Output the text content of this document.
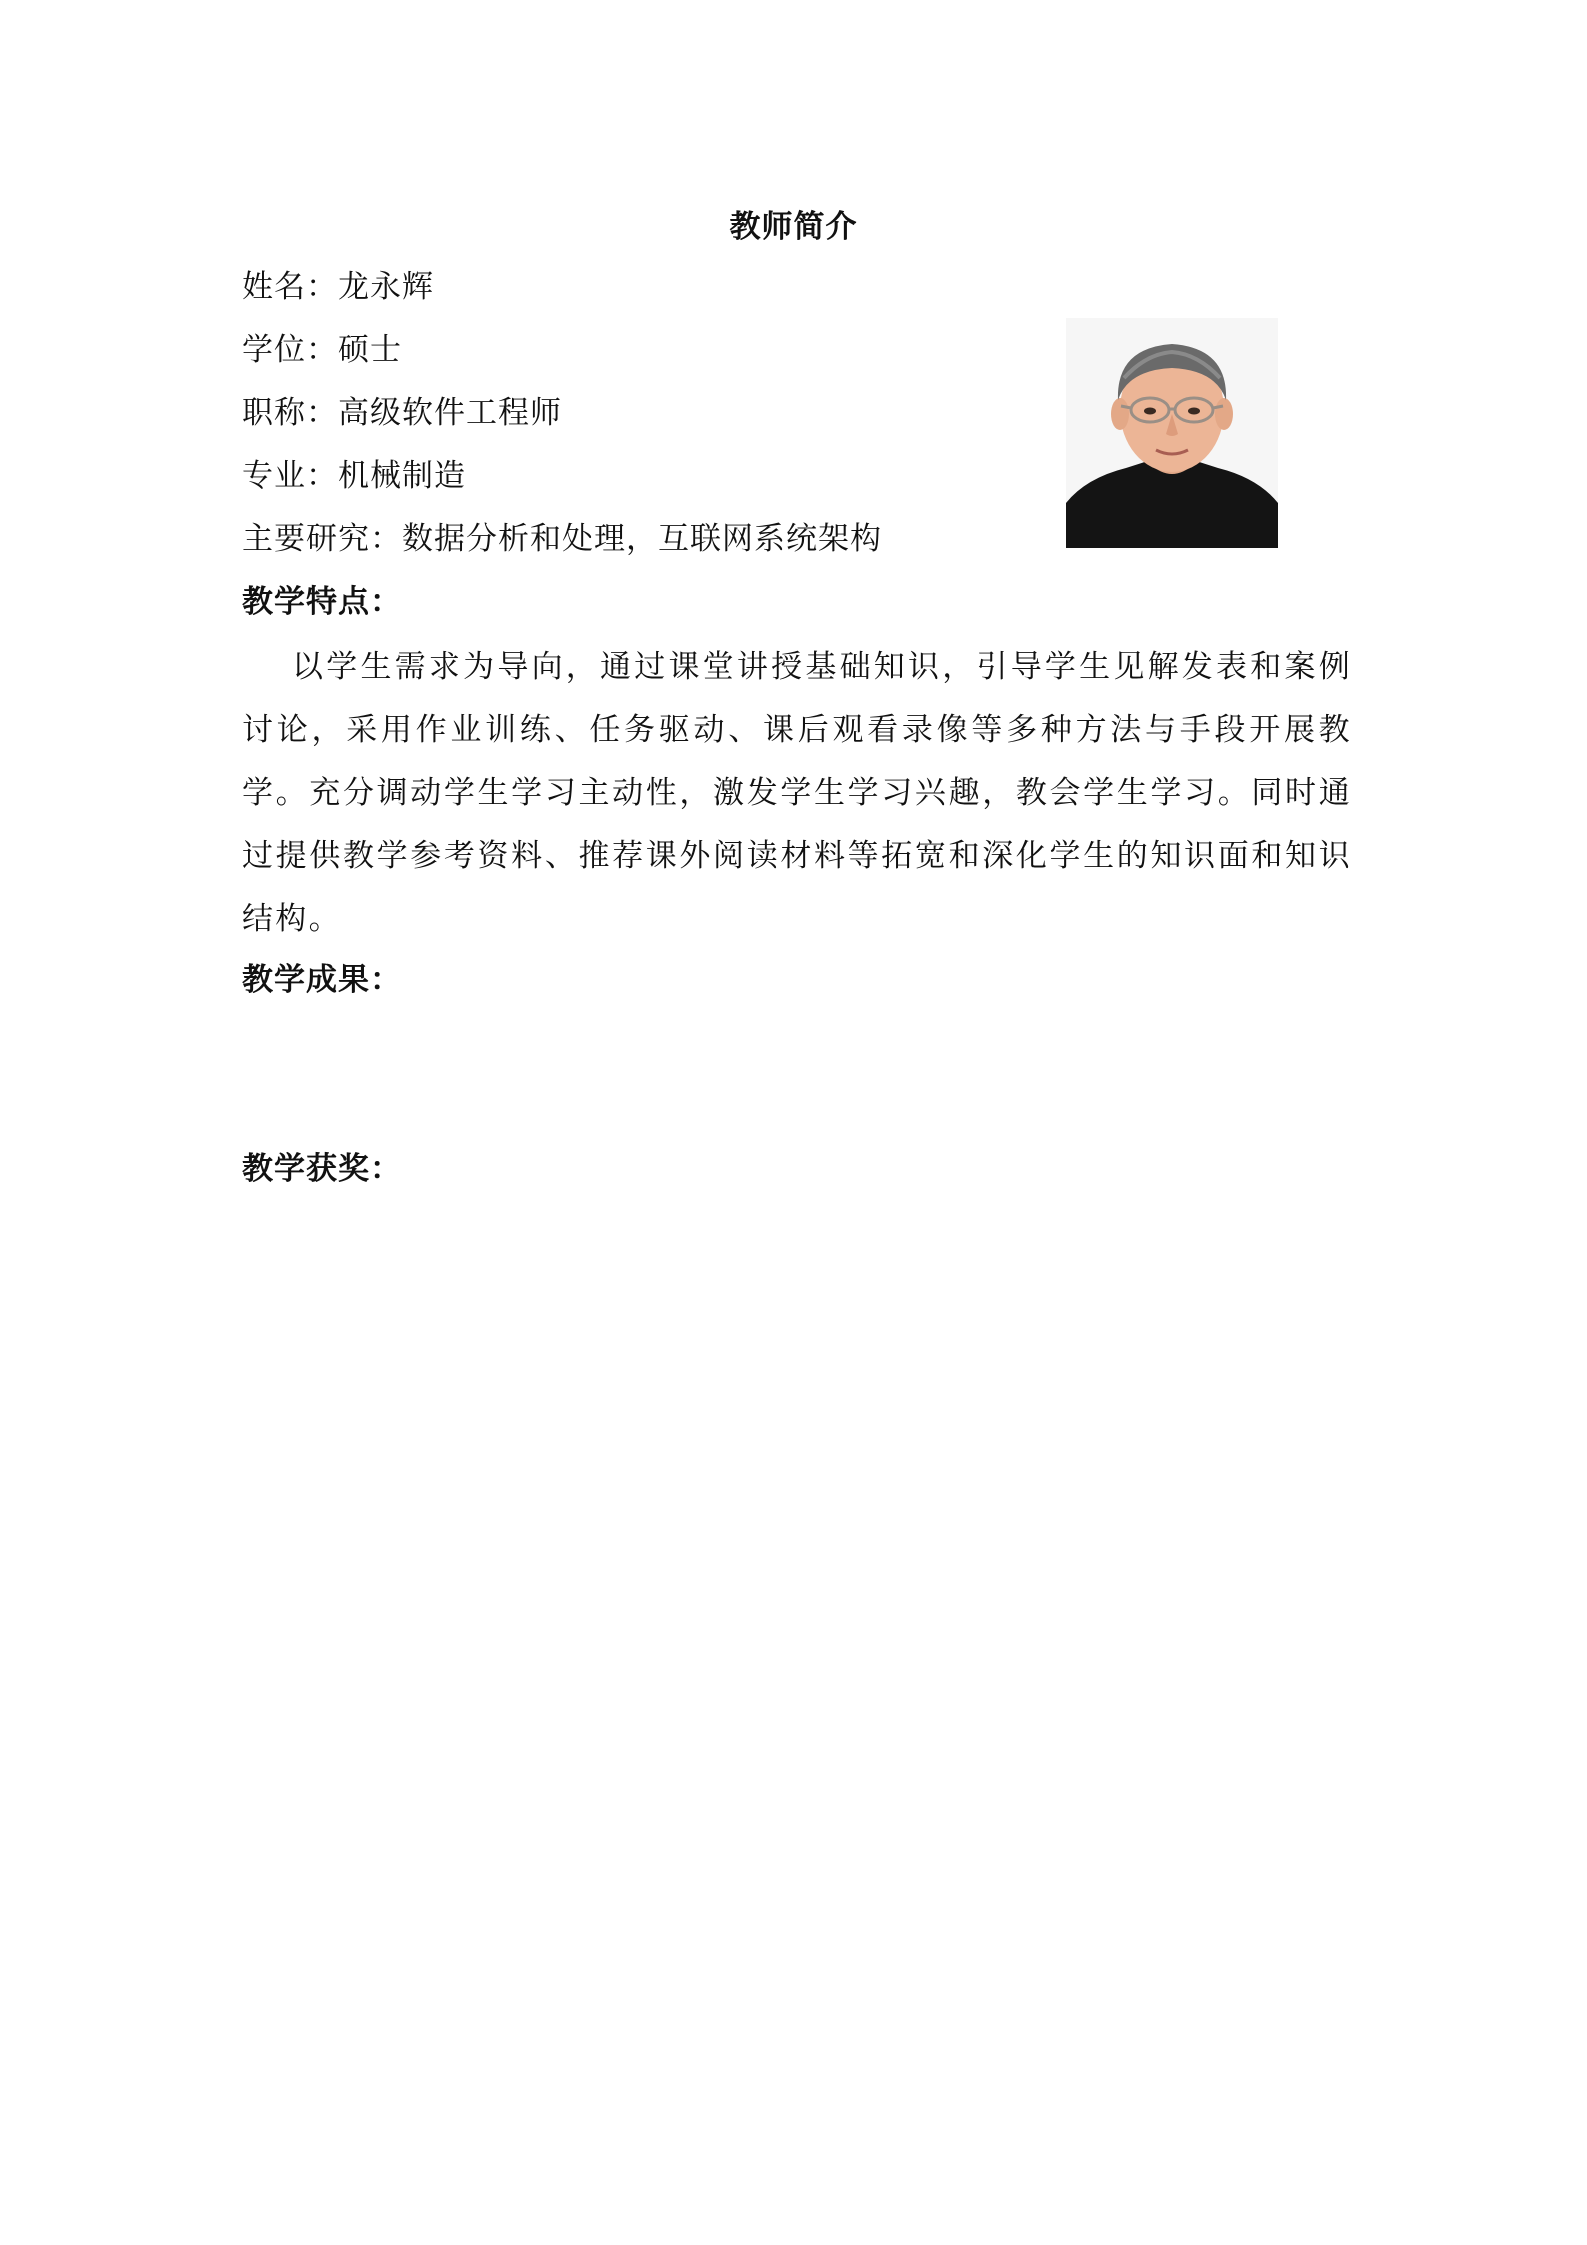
教师简介
姓名：龙永辉
学位：硕士
职称：高级软件工程师
专业：机械制造
主要研究：数据分析和处理，互联网系统架构
教学特点：
以学生需求为导向，通过课堂讲授基础知识，引导学生见解发表和案例讨论，采用作业训练、任务驱动、课后观看录像等多种方法与手段开展教学。充分调动学生学习主动性，激发学生学习兴趣，教会学生学习。同时通过提供教学参考资料、推荐课外阅读材料等拓宽和深化学生的知识面和知识结构。
教学成果：
教学获奖：
